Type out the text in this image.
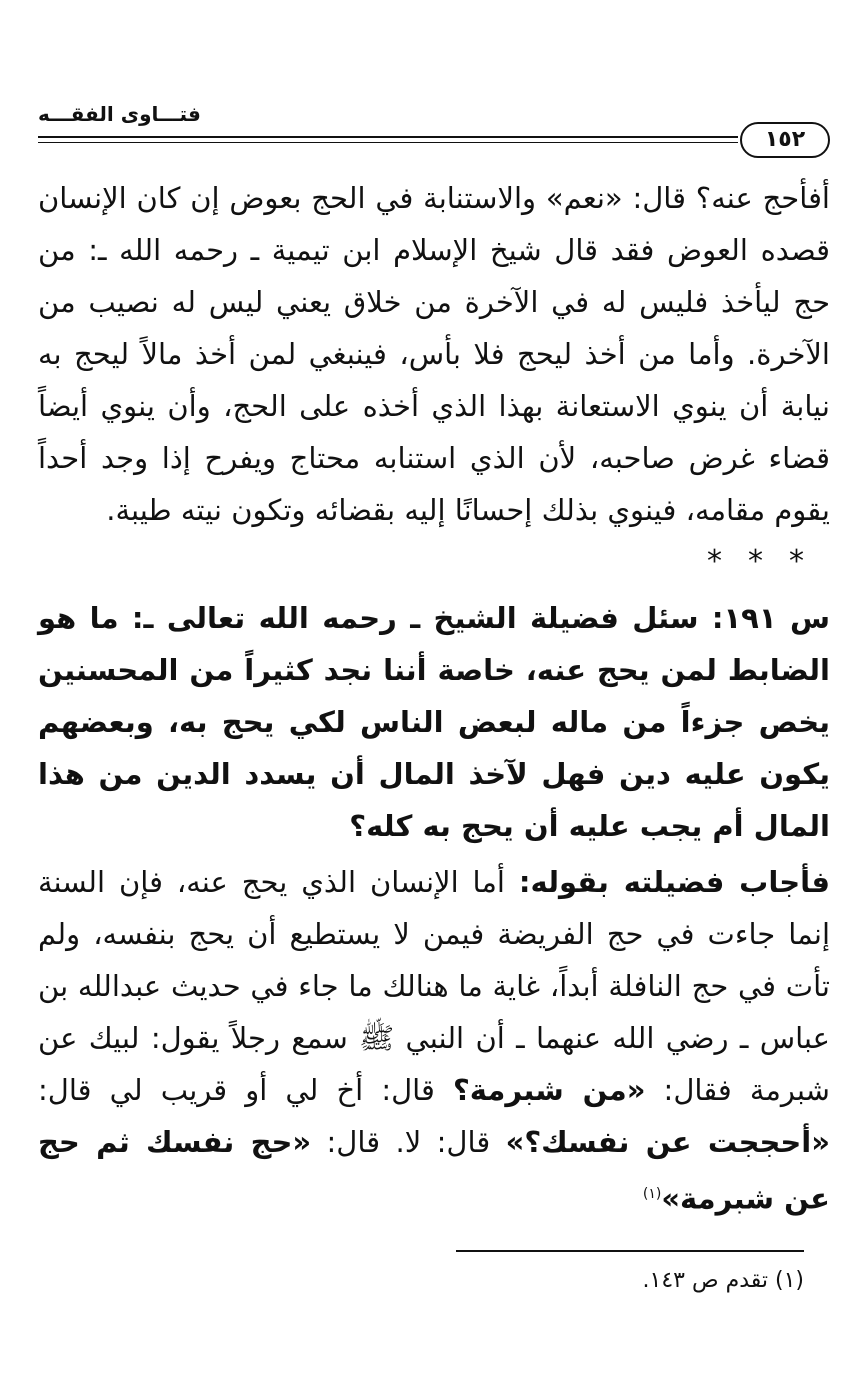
فتـــاوى الفقـــه
١٥٢

أفأحج عنه؟ قال: «نعم» والاستنابة في الحج بعوض إن كان الإنسان قصده العوض فقد قال شيخ الإسلام ابن تيمية ـ رحمه الله ـ: من حج ليأخذ فليس له في الآخرة من خلاق يعني ليس له نصيب من الآخرة. وأما من أخذ ليحج فلا بأس، فينبغي لمن أخذ مالاً ليحج به نيابة أن ينوي الاستعانة بهذا الذي أخذه على الحج، وأن ينوي أيضاً قضاء غرض صاحبه، لأن الذي استنابه محتاج ويفرح إذا وجد أحداً يقوم مقامه، فينوي بذلك إحسانًا إليه بقضائه وتكون نيته طيبة.

***

س ١٩١: سئل فضيلة الشيخ ـ رحمه الله تعالى ـ: ما هو الضابط لمن يحج عنه، خاصة أننا نجد كثيراً من المحسنين يخص جزءاً من ماله لبعض الناس لكي يحج به، وبعضهم يكون عليه دين فهل لآخذ المال أن يسدد الدين من هذا المال أم يجب عليه أن يحج به كله؟

فأجاب فضيلته بقوله: أما الإنسان الذي يحج عنه، فإن السنة إنما جاءت في حج الفريضة فيمن لا يستطيع أن يحج بنفسه، ولم تأت في حج النافلة أبداً، غاية ما هنالك ما جاء في حديث عبدالله بن عباس ـ رضي الله عنهما ـ أن النبي ﷺ سمع رجلاً يقول: لبيك عن شبرمة فقال: «من شبرمة؟ قال: أخ لي أو قريب لي قال: «أحججت عن نفسك؟» قال: لا. قال: «حج نفسك ثم حج عن شبرمة»$^{(١)}$

(١) تقدم ص ١٤٣.
